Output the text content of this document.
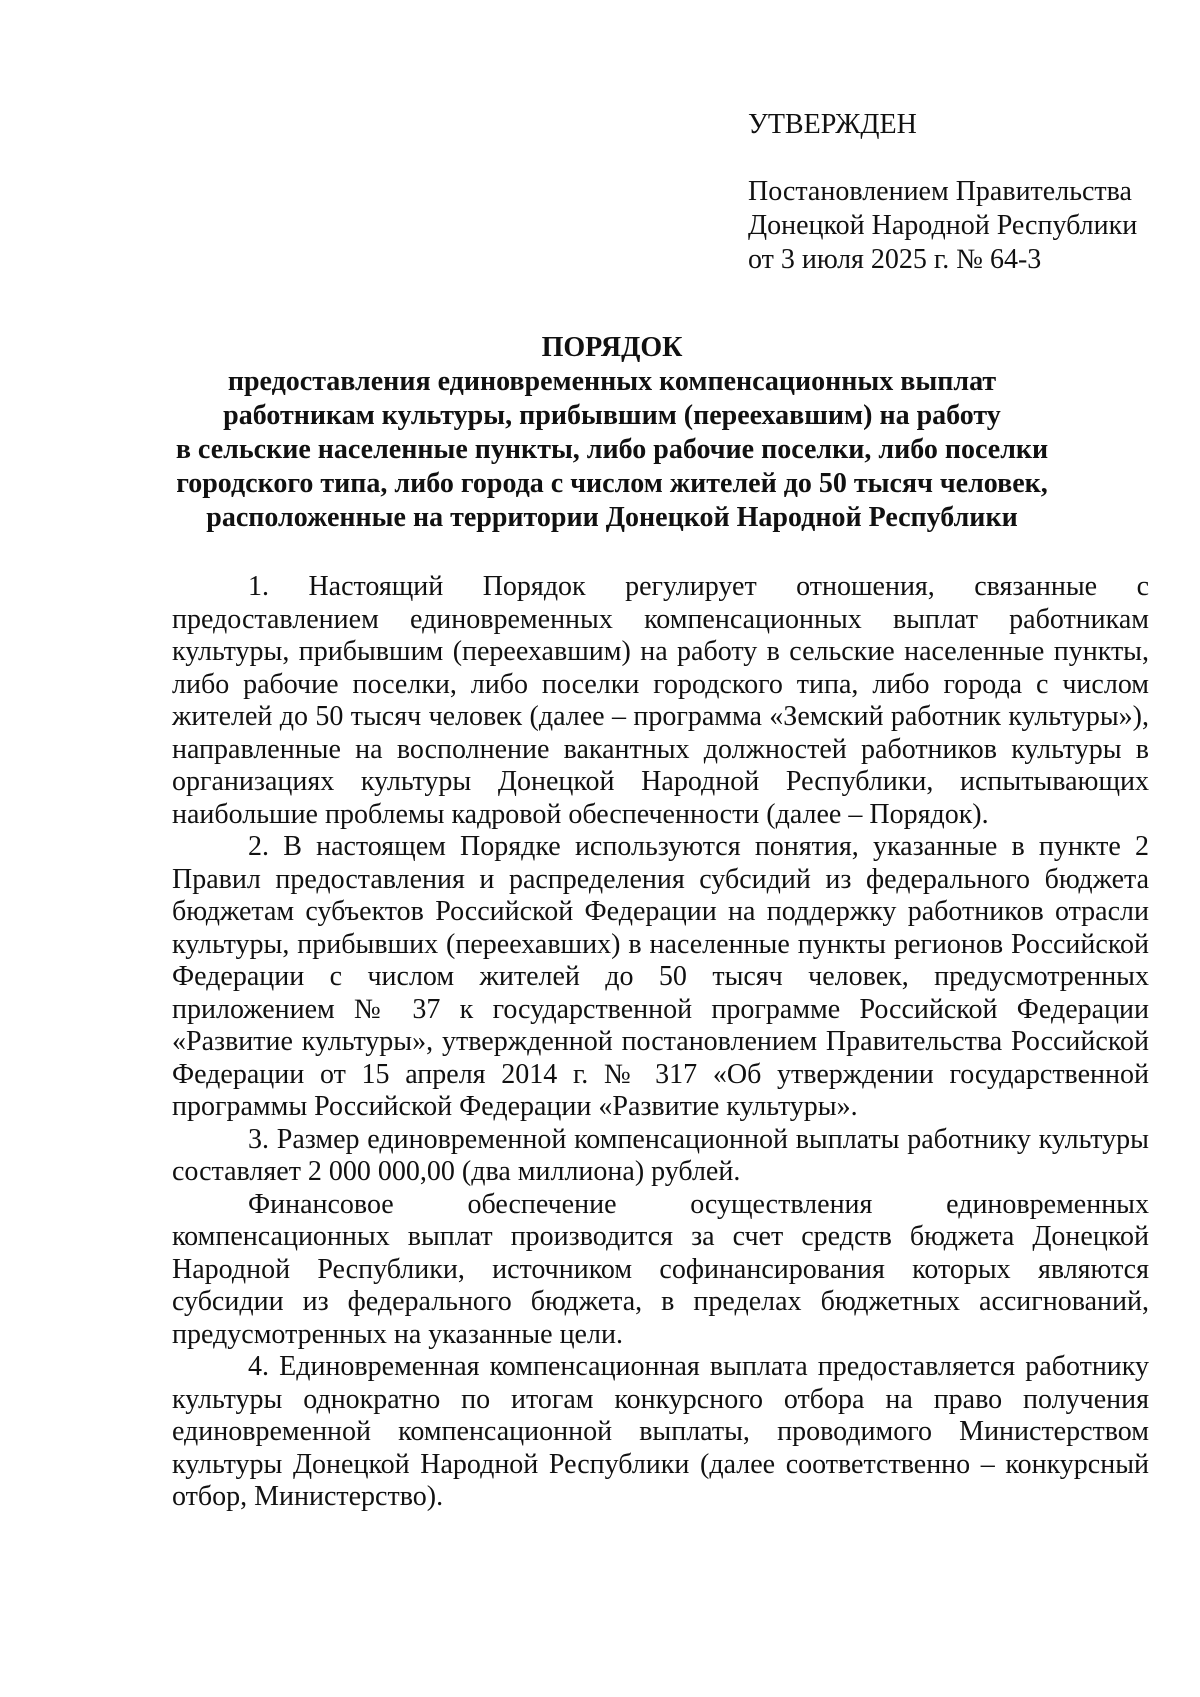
УТВЕРЖДЕН
Постановлением Правительства
Донецкой Народной Республики
от 3 июля 2025 г. № 64-3
ПОРЯДОК
предоставления единовременных компенсационных выплат
работникам культуры, прибывшим (переехавшим) на работу
в сельские населенные пункты, либо рабочие поселки, либо поселки
городского типа, либо города с числом жителей до 50 тысяч человек,
расположенные на территории Донецкой Народной Республики

1. Настоящий Порядок регулирует отношения, связанные с предоставлением единовременных компенсационных выплат работникам культуры, прибывшим (переехавшим) на работу в сельские населенные пункты, либо рабочие поселки, либо поселки городского типа, либо города с числом жителей до 50 тысяч человек (далее – программа «Земский работник культуры»), направленные на восполнение вакантных должностей работников культуры в организациях культуры Донецкой Народной Республики, испытывающих наибольшие проблемы кадровой обеспеченности (далее – Порядок).

2. В настоящем Порядке используются понятия, указанные в пункте 2 Правил предоставления и распределения субсидий из федерального бюджета бюджетам субъектов Российской Федерации на поддержку работников отрасли культуры, прибывших (переехавших) в населенные пункты регионов Российской Федерации с числом жителей до 50 тысяч человек, предусмотренных приложением № 37 к государственной программе Российской Федерации «Развитие культуры», утвержденной постановлением Правительства Российской Федерации от 15 апреля 2014 г. № 317 «Об утверждении государственной программы Российской Федерации «Развитие культуры».

3. Размер единовременной компенсационной выплаты работнику культуры составляет 2 000 000,00 (два миллиона) рублей.

Финансовое обеспечение осуществления единовременных компенсационных выплат производится за счет средств бюджета Донецкой Народной Республики, источником софинансирования которых являются субсидии из федерального бюджета, в пределах бюджетных ассигнований, предусмотренных на указанные цели.

4. Единовременная компенсационная выплата предоставляется работнику культуры однократно по итогам конкурсного отбора на право получения единовременной компенсационной выплаты, проводимого Министерством культуры Донецкой Народной Республики (далее соответственно – конкурсный отбор, Министерство).
